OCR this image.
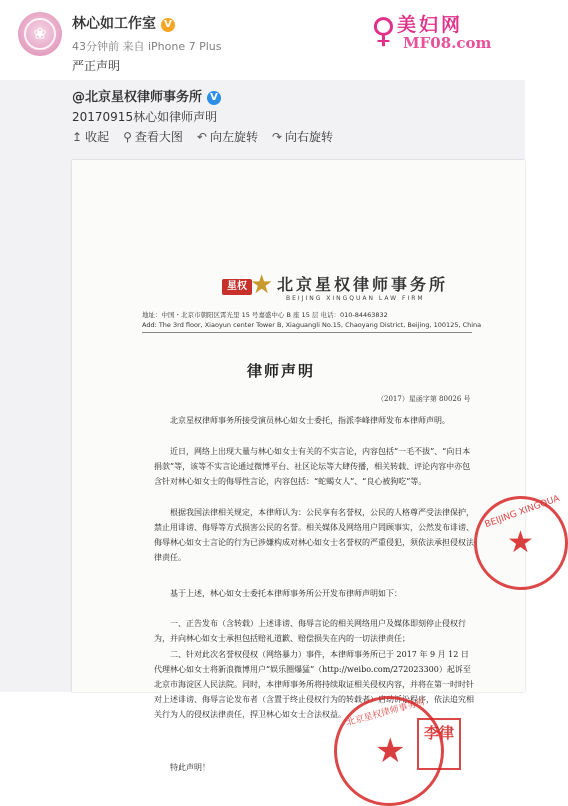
❀	林心如工作室 V
43分钟前 来自 iPhone 7 Plus
严正声明
♀ 美妇网
MF08.com
@北京星权律师事务所 V
20170915林心如律师声明
↥ 收起 ⚲ 查看大图 ↶ 向左旋转 ↷ 向右旋转
星权 ★ 北京星权律师事务所
BEIJING XINGQUAN LAW FIRM
地址：中国・北京市朝阳区霄光里 15 号嘉盛中心 B 座 15 层 电话：010-84463832
Add: The 3rd floor, Xiaoyun center Tower B, Xiaguangli No.15, Chaoyang District, Beijing, 100125, China
律师声明
（2017）星函字第 80026 号
北京星权律师事务所接受演员林心如女士委托，指派李峰律师发布本律师声明。
近日，网络上出现大量与林心如女士有关的不实言论，内容包括“一毛不拔”、“向日本捐款”等，该等不实言论通过微博平台、社区论坛等大肆传播，相关转载、评论内容中亦包含针对林心如女士的侮辱性言论，内容包括：“蛇蝎女人”、“良心被狗吃”等。
根据我国法律相关规定，本律师认为：公民享有名誉权，公民的人格尊严受法律保护，禁止用诽谤、侮辱等方式损害公民的名誉。相关媒体及网络用户罔顾事实，公然发布诽谤、侮辱林心如女士言论的行为已涉嫌构成对林心如女士名誉权的严重侵犯，须依法承担侵权法律责任。
基于上述，林心如女士委托本律师事务所公开发布律师声明如下：
一、正告发布（含转载）上述诽谤、侮辱言论的相关网络用户及媒体即刻停止侵权行为，并向林心如女士承担包括赔礼道歉、赔偿损失在内的一切法律责任；
二、针对此次名誉权侵权（网络暴力）事件，本律师事务所已于 2017 年 9 月 12 日代理林心如女士将新浪微博用户“娱乐圈爆猛”（http://weibo.com/272023300）起诉至北京市海淀区人民法院。同时，本律师事务所将持续取证相关侵权内容，并将在第一时时针对上述诽谤、侮辱言论发布者（含置于终止侵权行为的转载者）启动诉讼程序，依法追究相关行为人的侵权法律责任，捍卫林心如女士合法权益。
特此声明！
BEIJING XINGQUA
★
北京星权律师事务所
★	李律
